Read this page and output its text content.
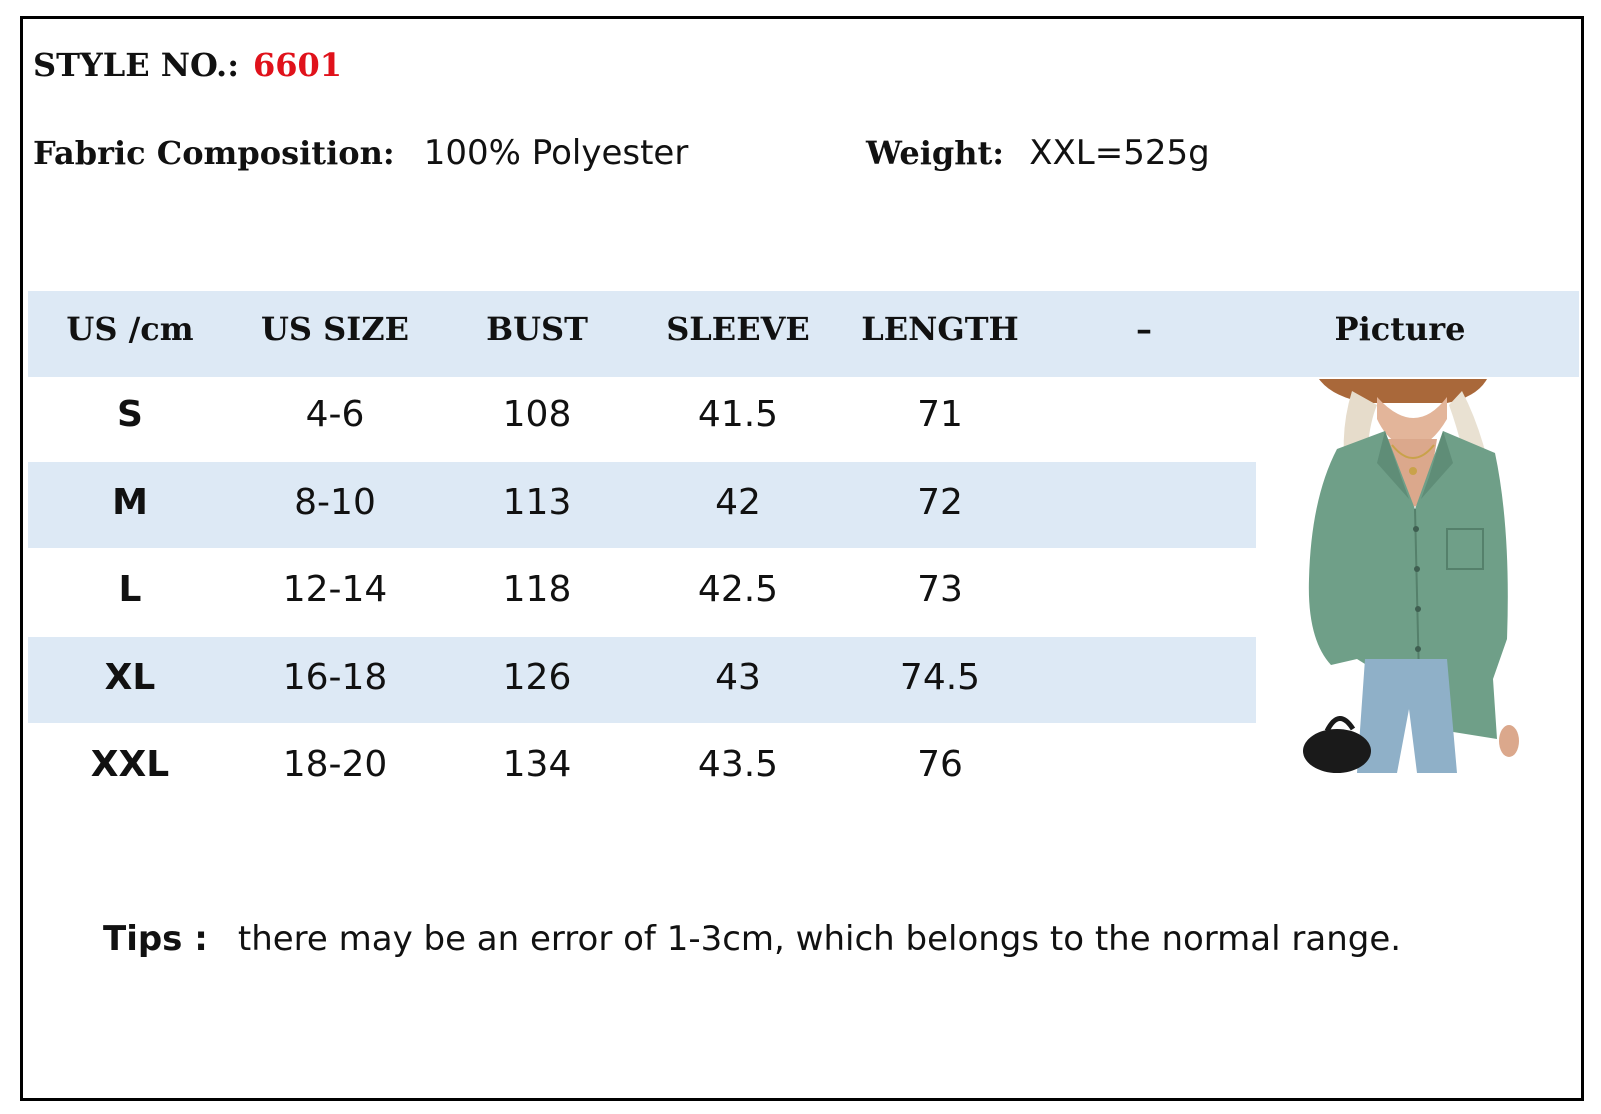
STYLE NO.: 6601
Fabric Composition: 100% Polyester	Weight: XXL=525g
US /cm	US SIZE	BUST	SLEEVE	LENGTH	–	Picture
S	4-6	108	41.5	71
M	8-10	113	42	72
L	12-14	118	42.5	73
XL	16-18	126	43	74.5
XXL	18-20	134	43.5	76
Tips : there may be an error of 1-3cm, which belongs to the normal range.
